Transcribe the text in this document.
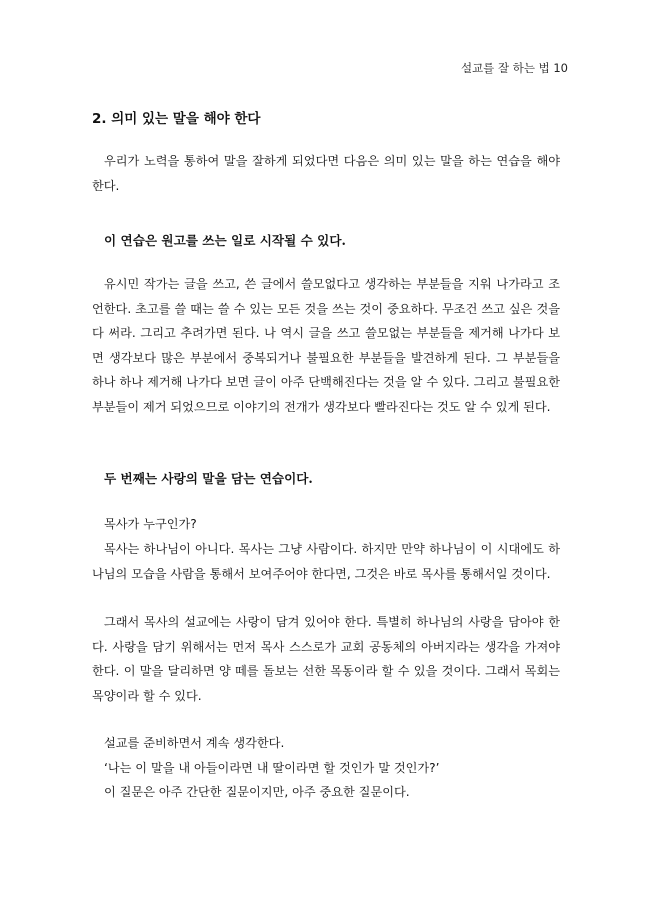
설교를 잘 하는 법 10
2. 의미 있는 말을 해야 한다

우리가 노력을 통하여 말을 잘하게 되었다면 다음은 의미 있는 말을 하는 연습을 해야 한다.

이 연습은 원고를 쓰는 일로 시작될 수 있다.

유시민 작가는 글을 쓰고, 쓴 글에서 쓸모없다고 생각하는 부분들을 지워 나가라고 조언한다. 초고를 쓸 때는 쓸 수 있는 모든 것을 쓰는 것이 중요하다. 무조건 쓰고 싶은 것을 다 써라. 그리고 추려가면 된다. 나 역시 글을 쓰고 쓸모없는 부분들을 제거해 나가다 보면 생각보다 많은 부분에서 중복되거나 불필요한 부분들을 발견하게 된다. 그 부분들을 하나 하나 제거해 나가다 보면 글이 아주 단백해진다는 것을 알 수 있다. 그리고 불필요한 부분들이 제거 되었으므로 이야기의 전개가 생각보다 빨라진다는 것도 알 수 있게 된다.

두 번째는 사랑의 말을 담는 연습이다.

목사가 누구인가?

목사는 하나님이 아니다. 목사는 그냥 사람이다. 하지만 만약 하나님이 이 시대에도 하나님의 모습을 사람을 통해서 보여주어야 한다면, 그것은 바로 목사를 통해서일 것이다.

그래서 목사의 설교에는 사랑이 담겨 있어야 한다. 특별히 하나님의 사랑을 담아야 한다. 사랑을 담기 위해서는 먼저 목사 스스로가 교회 공동체의 아버지라는 생각을 가져야 한다. 이 말을 달리하면 양 떼를 돌보는 선한 목동이라 할 수 있을 것이다. 그래서 목회는 목양이라 할 수 있다.

설교를 준비하면서 계속 생각한다.

‘나는 이 말을 내 아들이라면 내 딸이라면 할 것인가 말 것인가?’

이 질문은 아주 간단한 질문이지만, 아주 중요한 질문이다.
